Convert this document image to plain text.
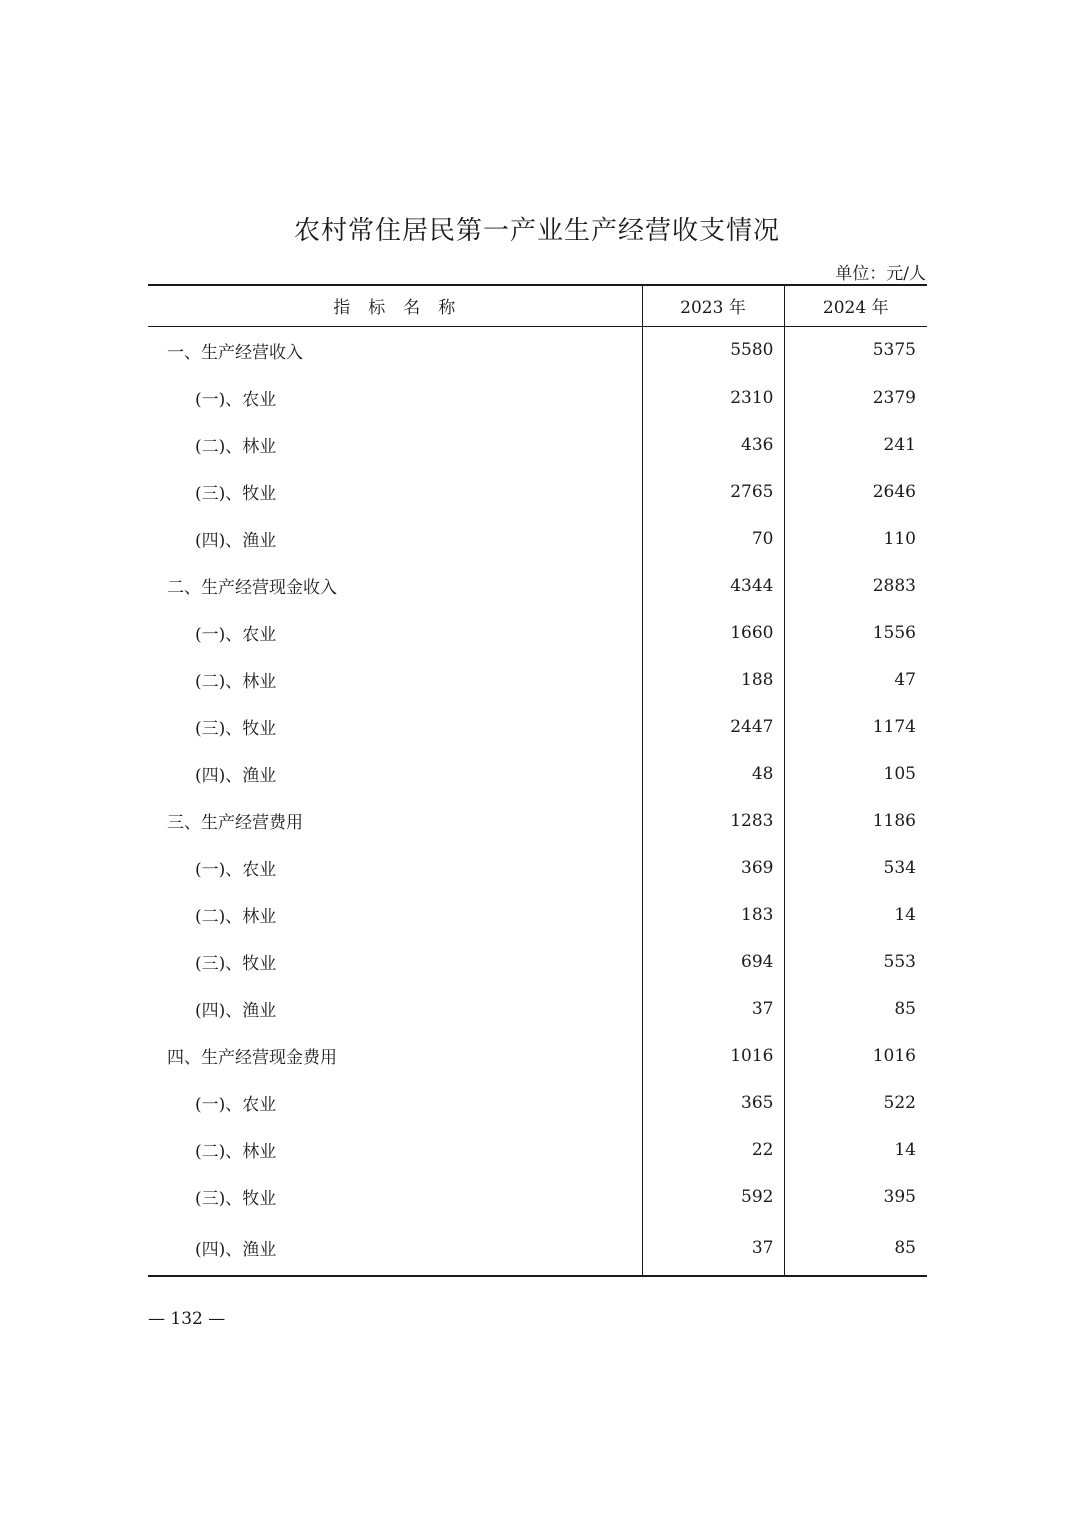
农村常住居民第一产业生产经营收支情况
单位：元/人
指标名称	2023 年	2024 年
一、生产经营收入	5580	5375
(一)、农业	2310	2379
(二)、林业	436	241
(三)、牧业	2765	2646
(四)、渔业	70	110
二、生产经营现金收入	4344	2883
(一)、农业	1660	1556
(二)、林业	188	47
(三)、牧业	2447	1174
(四)、渔业	48	105
三、生产经营费用	1283	1186
(一)、农业	369	534
(二)、林业	183	14
(三)、牧业	694	553
(四)、渔业	37	85
四、生产经营现金费用	1016	1016
(一)、农业	365	522
(二)、林业	22	14
(三)、牧业	592	395
(四)、渔业	37	85
— 132 —
